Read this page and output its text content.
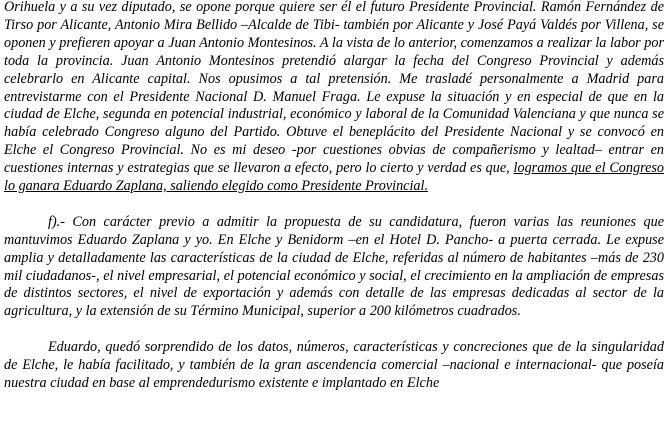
Orihuela y a su vez diputado, se opone porque quiere ser él el futuro Presidente Provincial. Ramón Fernández de Tirso por Alicante, Antonio Mira Bellido –Alcalde de Tibi- también por Alicante y José Payá Valdés por Villena, se oponen y prefieren apoyar a Juan Antonio Montesinos. A la vista de lo anterior, comenzamos a realizar la labor por toda la provincia. Juan Antonio Montesinos pretendió alargar la fecha del Congreso Provincial y además celebrarlo en Alicante capital. Nos opusimos a tal pretensión. Me trasladé personalmente a Madrid para entrevistarme con el Presidente Nacional D. Manuel Fraga. Le expuse la situación y en especial de que en la ciudad de Elche, segunda en potencial industrial, económico y laboral de la Comunidad Valenciana y que nunca se había celebrado Congreso alguno del Partido. Obtuve el beneplácito del Presidente Nacional y se convocó en Elche el Congreso Provincial. No es mi deseo -por cuestiones obvias de compañerismo y lealtad– entrar en cuestiones internas y estrategias que se llevaron a efecto, pero lo cierto y verdad es que, logramos que el Congreso lo ganara Eduardo Zaplana, saliendo elegido como Presidente Provincial.

f).- Con carácter previo a admitir la propuesta de su candidatura, fueron varias las reuniones que mantuvimos Eduardo Zaplana y yo. En Elche y Benidorm –en el Hotel D. Pancho- a puerta cerrada. Le expuse amplia y detalladamente las características de la ciudad de Elche, referidas al número de habitantes –más de 230 mil ciudadanos-, el nivel empresarial, el potencial económico y social, el crecimiento en la ampliación de empresas de distintos sectores, el nivel de exportación y además con detalle de las empresas dedicadas al sector de la agricultura, y la extensión de su Término Municipal, superior a 200 kilómetros cuadrados.

Eduardo, quedó sorprendido de los datos, números, características y concreciones que de la singularidad de Elche, le había facilitado, y también de la gran ascendencia comercial –nacional e internacional- que poseía nuestra ciudad en base al emprendedurismo existente e implantado en Elche
